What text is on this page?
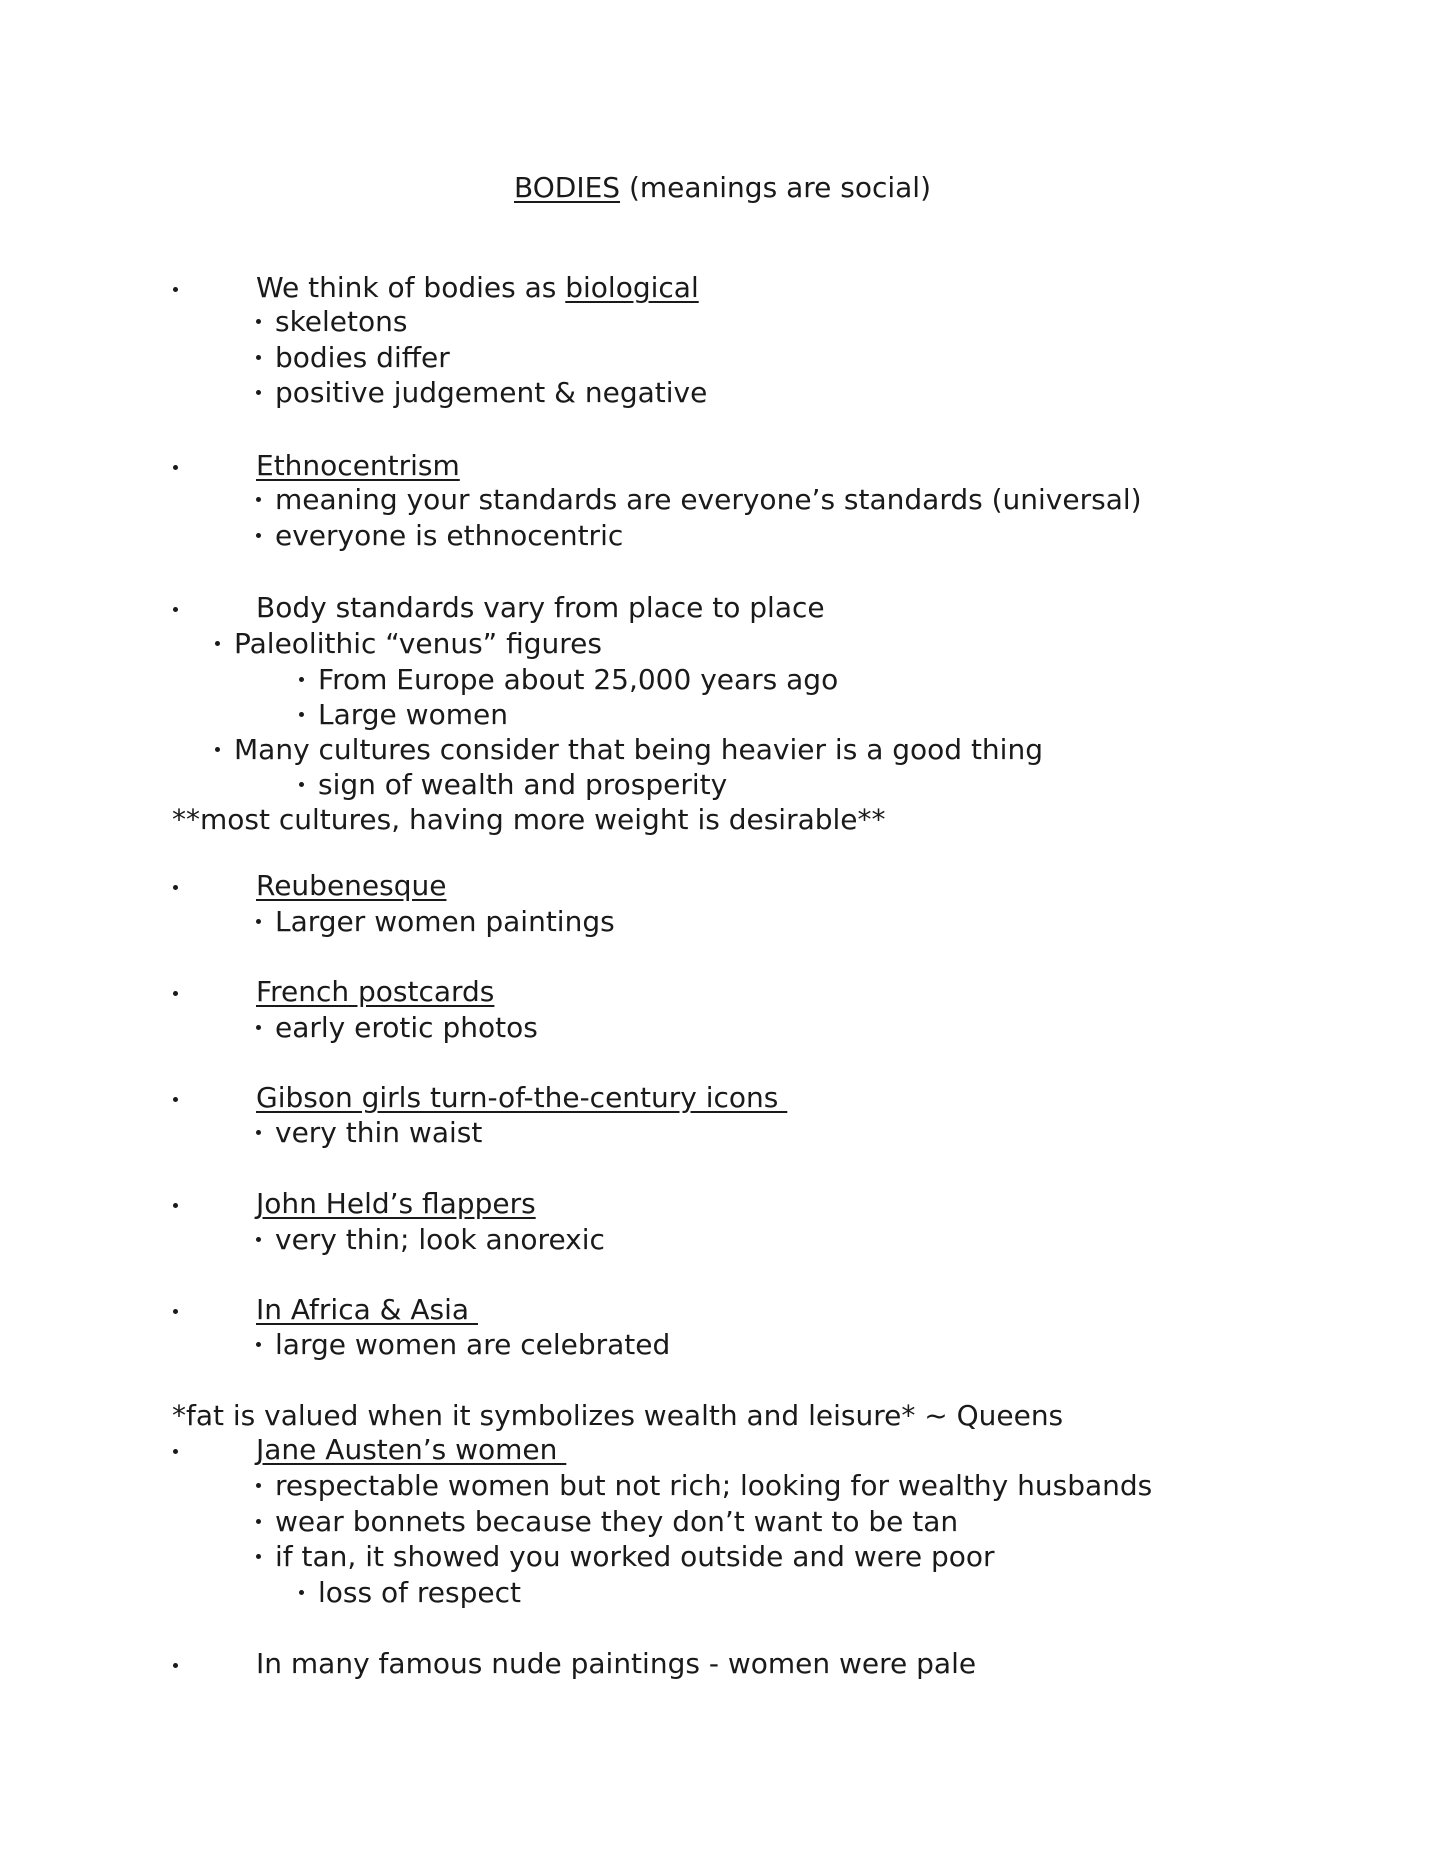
BODIES (meanings are social)
We think of bodies as biological
skeletons
bodies differ
positive judgement & negative
Ethnocentrism
meaning your standards are everyone’s standards (universal)
everyone is ethnocentric
Body standards vary from place to place
Paleolithic “venus” figures
From Europe about 25,000 years ago
Large women
Many cultures consider that being heavier is a good thing
sign of wealth and prosperity
**most cultures, having more weight is desirable**
Reubenesque
Larger women paintings
French postcards
early erotic photos
Gibson girls turn-of-the-century icons
very thin waist
John Held’s flappers
very thin; look anorexic
In Africa & Asia
large women are celebrated
*fat is valued when it symbolizes wealth and leisure* ~ Queens
Jane Austen’s women
respectable women but not rich; looking for wealthy husbands
wear bonnets because they don’t want to be tan
if tan, it showed you worked outside and were poor
loss of respect
In many famous nude paintings - women were pale
